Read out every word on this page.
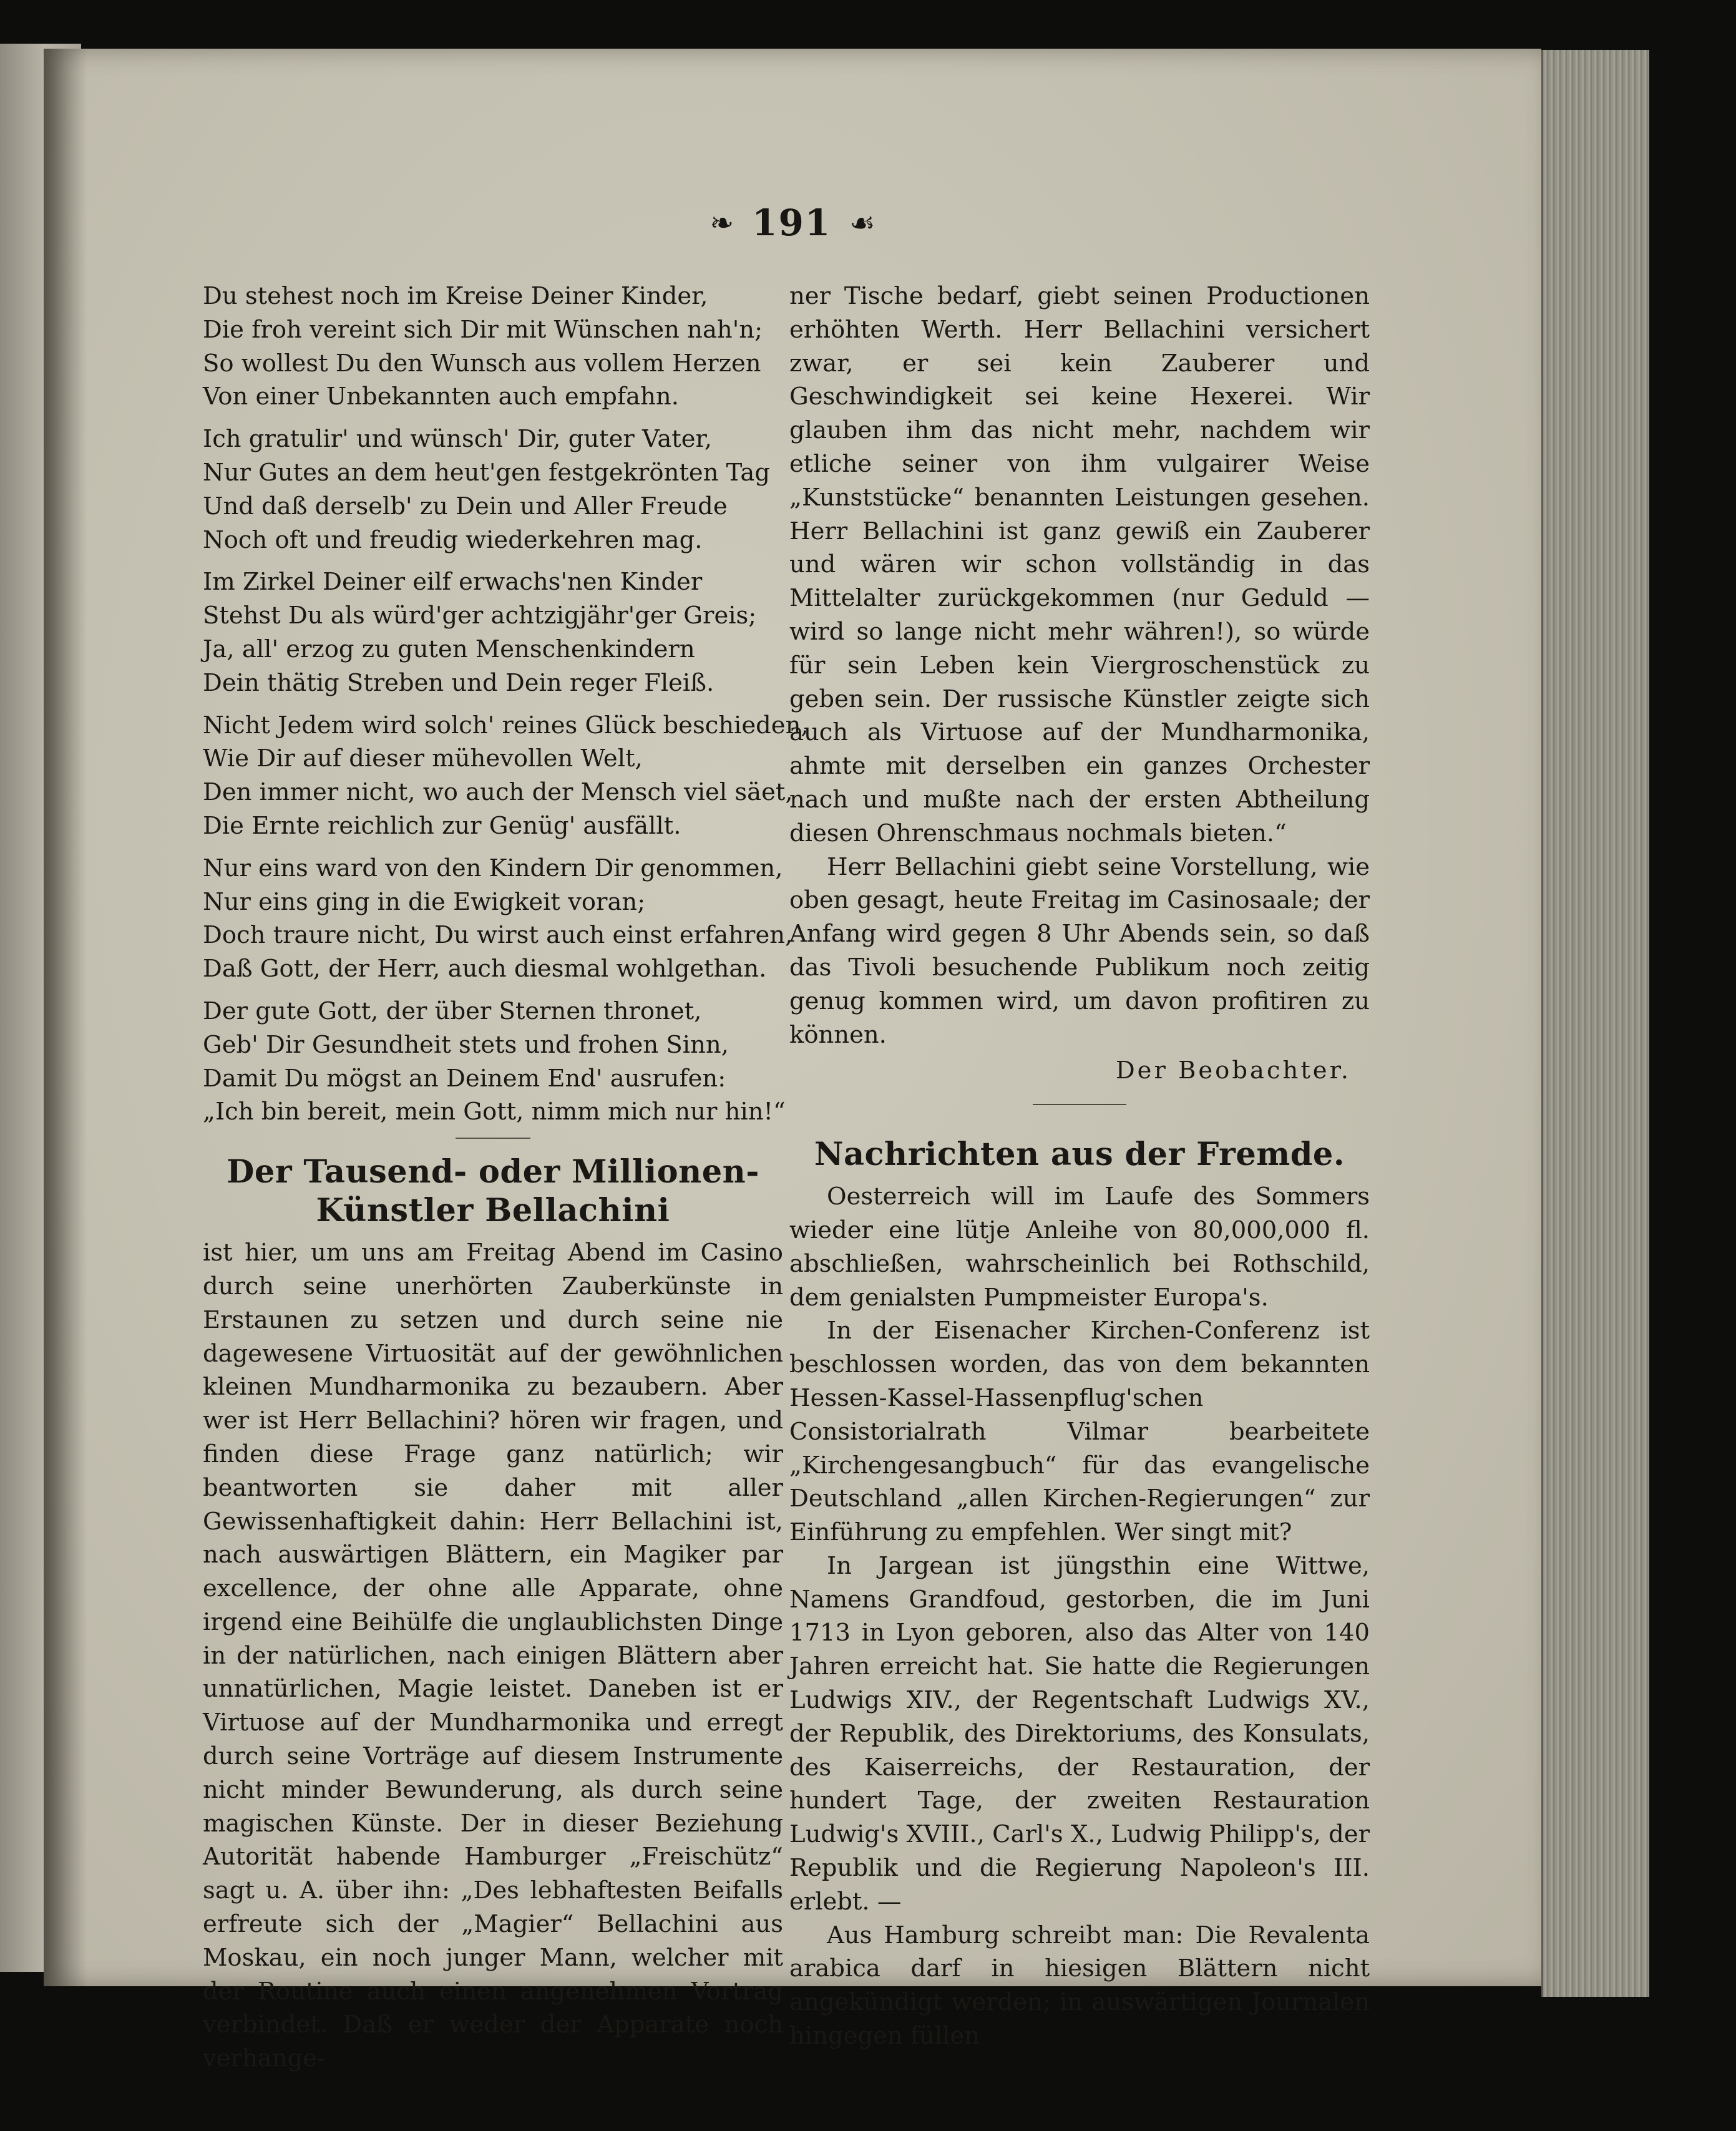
❧ 191 ☙
Du stehest noch im Kreise Deiner Kinder,
Die froh vereint sich Dir mit Wünschen nah'n;
So wollest Du den Wunsch aus vollem Herzen
Von einer Unbekannten auch empfahn.
Ich gratulir' und wünsch' Dir, guter Vater,
Nur Gutes an dem heut'gen festgekrönten Tag
Und daß derselb' zu Dein und Aller Freude
Noch oft und freudig wiederkehren mag.
Im Zirkel Deiner eilf erwachs'nen Kinder
Stehst Du als würd'ger achtzigjähr'ger Greis;
Ja, all' erzog zu guten Menschenkindern
Dein thätig Streben und Dein reger Fleiß.
Nicht Jedem wird solch' reines Glück beschieden,
Wie Dir auf dieser mühevollen Welt,
Den immer nicht, wo auch der Mensch viel säet,
Die Ernte reichlich zur Genüg' ausfällt.
Nur eins ward von den Kindern Dir genommen,
Nur eins ging in die Ewigkeit voran;
Doch traure nicht, Du wirst auch einst erfahren,
Daß Gott, der Herr, auch diesmal wohlgethan.
Der gute Gott, der über Sternen thronet,
Geb' Dir Gesundheit stets und frohen Sinn,
Damit Du mögst an Deinem End' ausrufen:
„Ich bin bereit, mein Gott, nimm mich nur hin!“
Der Tausend- oder Millionen-Künstler Bellachini

ist hier, um uns am Freitag Abend im Casino durch seine unerhörten Zauberkünste in Erstaunen zu setzen und durch seine nie dagewesene Virtuosität auf der gewöhnlichen kleinen Mundharmonika zu bezaubern. Aber wer ist Herr Bellachini? hören wir fragen, und finden diese Frage ganz natürlich; wir beantworten sie daher mit aller Gewissenhaftigkeit dahin: Herr Bellachini ist, nach auswärtigen Blättern, ein Magiker par excellence, der ohne alle Apparate, ohne irgend eine Beihülfe die unglaublichsten Dinge in der natürlichen, nach einigen Blättern aber unnatürlichen, Magie leistet. Daneben ist er Virtuose auf der Mundharmonika und erregt durch seine Vorträge auf diesem Instrumente nicht minder Bewunderung, als durch seine magischen Künste. Der in dieser Beziehung Autorität habende Hamburger „Freischütz“ sagt u. A. über ihn: „Des lebhaftesten Beifalls erfreute sich der „Magier“ Bellachini aus Moskau, ein noch junger Mann, welcher mit der Routine auch einen angenehmen Vortrag verbindet. Daß er weder der Apparate noch verhange-

ner Tische bedarf, giebt seinen Productionen erhöhten Werth. Herr Bellachini versichert zwar, er sei kein Zauberer und Geschwindigkeit sei keine Hexerei. Wir glauben ihm das nicht mehr, nachdem wir etliche seiner von ihm vulgairer Weise „Kunststücke“ benannten Leistungen gesehen. Herr Bellachini ist ganz gewiß ein Zauberer und wären wir schon vollständig in das Mittelalter zurückgekommen (nur Geduld — wird so lange nicht mehr währen!), so würde für sein Leben kein Viergroschenstück zu geben sein. Der russische Künstler zeigte sich auch als Virtuose auf der Mundharmonika, ahmte mit derselben ein ganzes Orchester nach und mußte nach der ersten Abtheilung diesen Ohrenschmaus nochmals bieten.“

Herr Bellachini giebt seine Vorstellung, wie oben gesagt, heute Freitag im Casinosaale; der Anfang wird gegen 8 Uhr Abends sein, so daß das Tivoli besuchende Publikum noch zeitig genug kommen wird, um davon profitiren zu können.

Der Beobachter.

Nachrichten aus der Fremde.

Oesterreich will im Laufe des Sommers wieder eine lütje Anleihe von 80,000,000 fl. abschließen, wahrscheinlich bei Rothschild, dem genialsten Pumpmeister Europa's.

In der Eisenacher Kirchen-Conferenz ist beschlossen worden, das von dem bekannten Hessen-Kassel-Hassenpflug'schen Consistorialrath Vilmar bearbeitete „Kirchengesangbuch“ für das evangelische Deutschland „allen Kirchen-Regierungen“ zur Einführung zu empfehlen. Wer singt mit?

In Jargean ist jüngsthin eine Wittwe, Namens Grandfoud, gestorben, die im Juni 1713 in Lyon geboren, also das Alter von 140 Jahren erreicht hat. Sie hatte die Regierungen Ludwigs XIV., der Regentschaft Ludwigs XV., der Republik, des Direktoriums, des Konsulats, des Kaiserreichs, der Restauration, der hundert Tage, der zweiten Restauration Ludwig's XVIII., Carl's X., Ludwig Philipp's, der Republik und die Regierung Napoleon's III. erlebt. —

Aus Hamburg schreibt man: Die Revalenta arabica darf in hiesigen Blättern nicht angekündigt werden; in auswärtigen Journalen hingegen füllen
